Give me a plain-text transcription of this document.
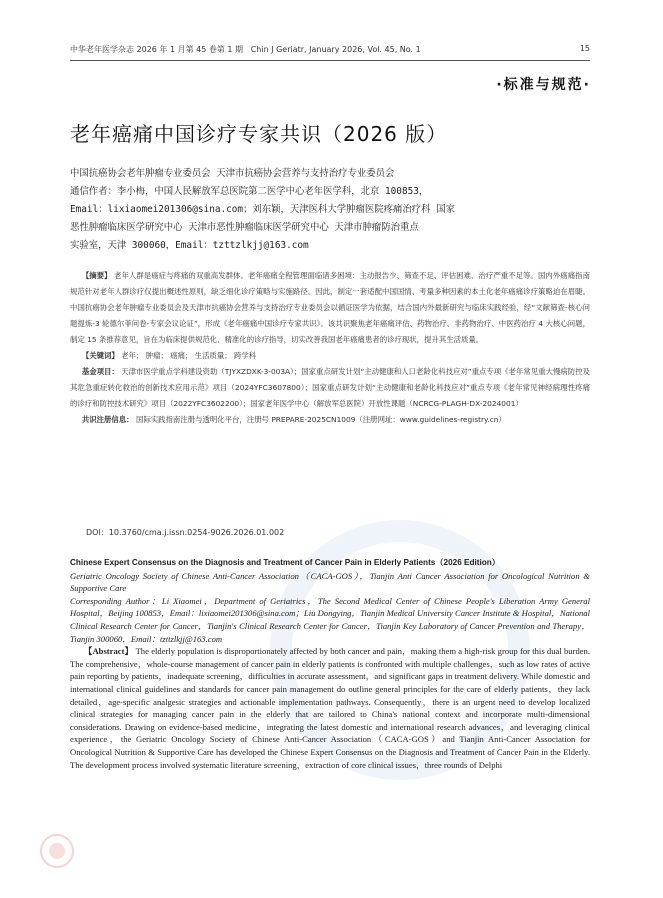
中华老年医学杂志 2026 年 1 月第 45 卷第 1 期 Chin J Geriatr, January 2026, Vol. 45, No. 1	15
·标准与规范·
老年癌痛中国诊疗专家共识（2026 版）
中国抗癌协会老年肿瘤专业委员会 天津市抗癌协会营养与支持治疗专业委员会
通信作者：李小梅，中国人民解放军总医院第二医学中心老年医学科，北京 100853，
Email：lixiaomei201306@sina.com；刘东颖，天津医科大学肿瘤医院疼痛治疗科 国家
恶性肿瘤临床医学研究中心 天津市恶性肿瘤临床医学研究中心 天津市肿瘤防治重点
实验室，天津 300060，Email：tzttzlkjj@163.com

【摘要】 老年人群是癌症与疼痛的双重高发群体。老年癌痛全程管理面临诸多困境：主动报告少、筛查不足、评估困难、治疗严重不足等。国内外癌痛指南规范针对老年人群诊疗仅提出概述性原则，缺乏细化诊疗策略与实施路径。因此，制定一套适配中国国情、考量多种因素的本土化老年癌痛诊疗策略迫在眉睫。中国抗癌协会老年肿瘤专业委员会及天津市抗癌协会营养与支持治疗专业委员会以循证医学为依据，结合国内外最新研究与临床实践经验，经“文献筛查-核心问题提炼-3 轮德尔菲问卷-专家会议论证”，形成《老年癌痛中国诊疗专家共识》。该共识聚焦老年癌痛评估、药物治疗、非药物治疗、中医药治疗 4 大核心问题，制定 15 条推荐意见，旨在为临床提供规范化、精准化的诊疗指导，切实改善我国老年癌痛患者的诊疗现状，提升其生活质量。

【关键词】 老年； 肿瘤； 癌痛； 生活质量； 跨学科

基金项目： 天津市医学重点学科建设资助（TJYXZDXK-3-003A）；国家重点研发计划“主动健康和人口老龄化科技应对”重点专项《老年常见重大慢病防控及其危急重症转化救治的创新技术应用示范》项目（2024YFC3607800）；国家重点研发计划“主动健康和老龄化科技应对”重点专项《老年常见神经病理性疼痛的诊疗和防控技术研究》项目（2022YFC3602200）；国家老年医学中心（解放军总医院）开放性课题（NCRCG-PLAGH-DX-2024001）

共识注册信息： 国际实践指南注册与透明化平台，注册号 PREPARE-2025CN1009（注册网址：www.guidelines-registry.cn）

DOI：10.3760/cma.j.issn.0254-9026.2026.01.002

Chinese Expert Consensus on the Diagnosis and Treatment of Cancer Pain in Elderly Patients（2026 Edition）

Geriatric Oncology Society of Chinese Anti-Cancer Association（CACA-GOS），Tianjin Anti Cancer Association for Oncological Nutrition & Supportive Care

Corresponding Author：Li Xiaomei，Department of Geriatrics，The Second Medical Center of Chinese People's Liberation Army General Hospital，Beijing 100853，Email：lixiaomei201306@sina.com；Liu Dongying，Tianjin Medical University Cancer Institute & Hospital，National Clinical Research Center for Cancer，Tianjin's Clinical Research Center for Cancer，Tianjin Key Laboratory of Cancer Prevention and Therapy，Tianjin 300060，Email：tzttzlkjj@163.com

【Abstract】 The elderly population is disproportionately affected by both cancer and pain，making them a high-risk group for this dual burden. The comprehensive，whole-course management of cancer pain in elderly patients is confronted with multiple challenges，such as low rates of active pain reporting by patients，inadequate screening，difficulties in accurate assessment，and significant gaps in treatment delivery. While domestic and international clinical guidelines and standards for cancer pain management do outline general principles for the care of elderly patients，they lack detailed，age-specific analgesic strategies and actionable implementation pathways. Consequently，there is an urgent need to develop localized clinical strategies for managing cancer pain in the elderly that are tailored to China's national context and incorporate multi-dimensional considerations. Drawing on evidence-based medicine，integrating the latest domestic and international research advances，and leveraging clinical experience，the Geriatric Oncology Society of Chinese Anti-Cancer Association（CACA-GOS）and Tianjin Anti-Cancer Association for Oncological Nutrition & Supportive Care has developed the Chinese Expert Consensus on the Diagnosis and Treatment of Cancer Pain in the Elderly. The development process involved systematic literature screening，extraction of core clinical issues，three rounds of Delphi
